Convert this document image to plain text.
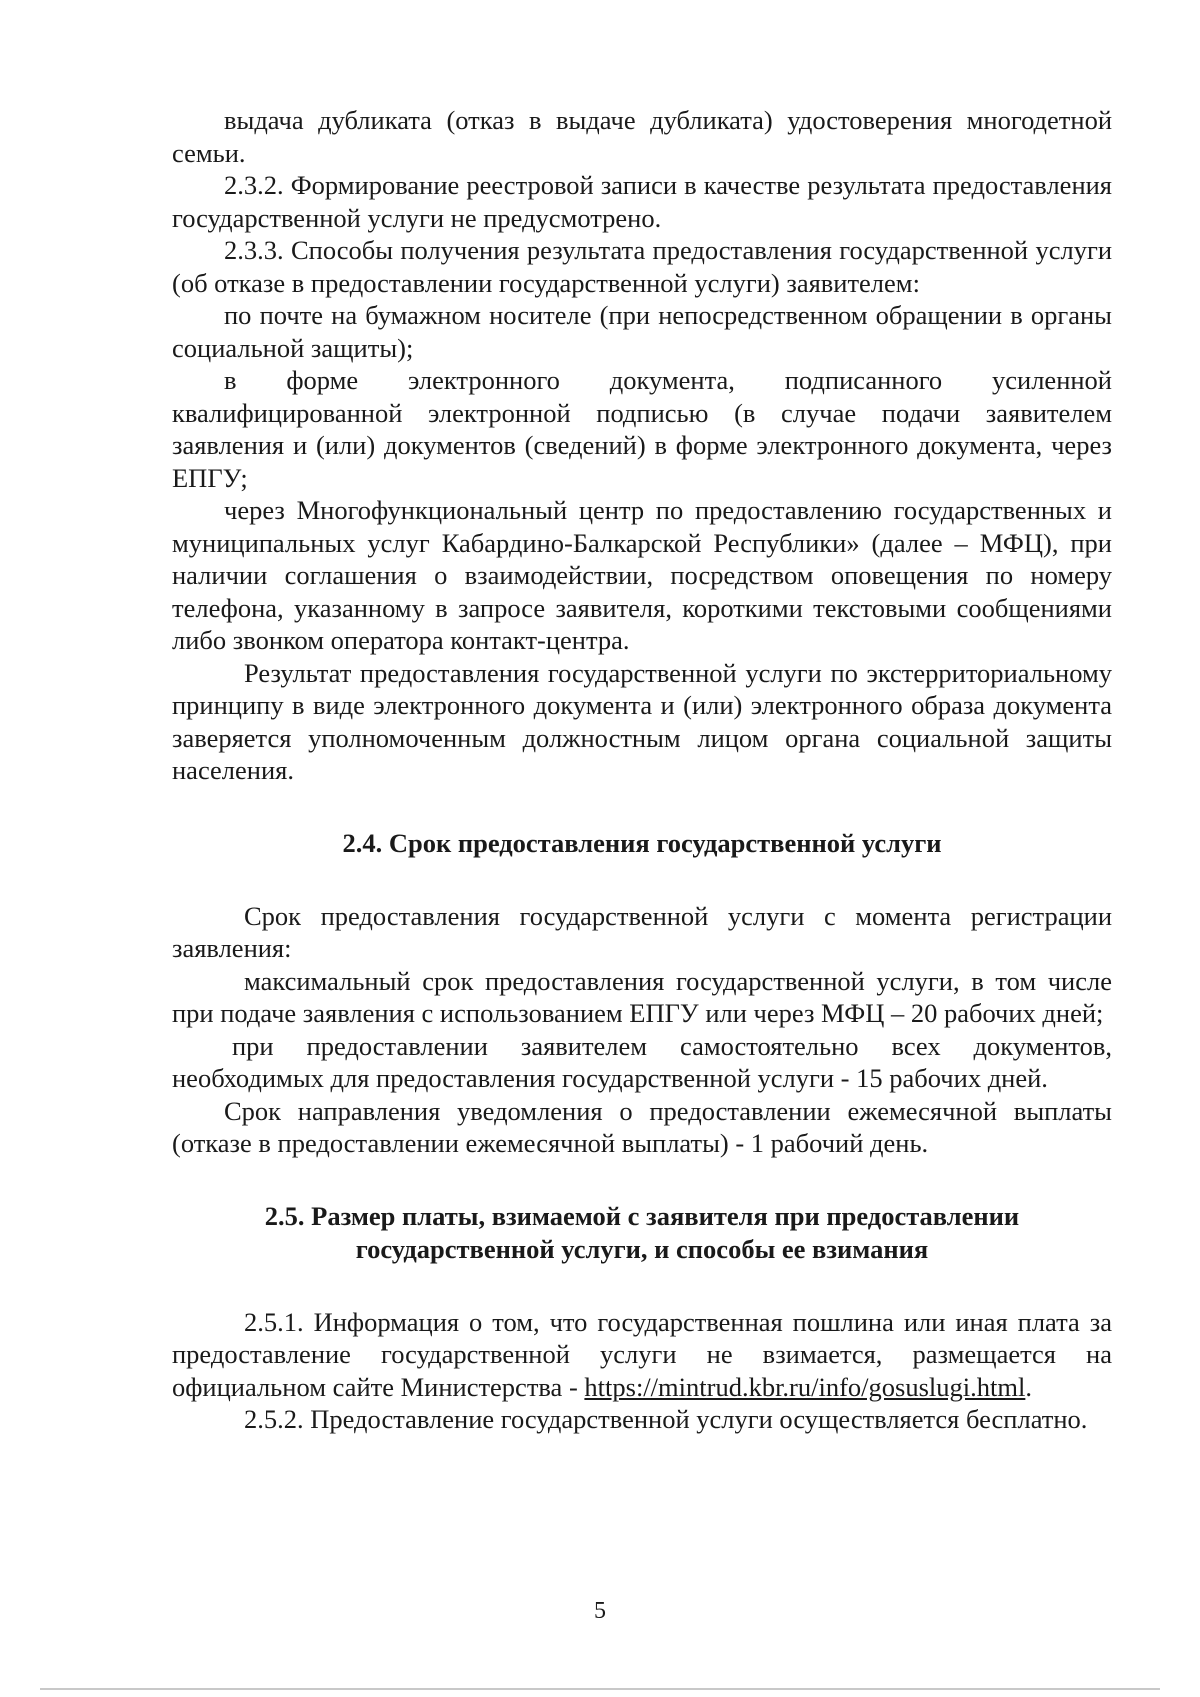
выдача дубликата (отказ в выдаче дубликата) удостоверения многодетной семьи.

2.3.2. Формирование реестровой записи в качестве результата предоставления государственной услуги не предусмотрено.

2.3.3. Способы получения результата предоставления государственной услуги (об отказе в предоставлении государственной услуги) заявителем:

по почте на бумажном носителе (при непосредственном обращении в органы социальной защиты);

в форме электронного документа, подписанного усиленной квалифицированной электронной подписью (в случае подачи заявителем заявления и (или) документов (сведений) в форме электронного документа, через ЕПГУ;

через Многофункциональный центр по предоставлению государственных и муниципальных услуг Кабардино-Балкарской Республики» (далее – МФЦ), при наличии соглашения о взаимодействии, посредством оповещения по номеру телефона, указанному в запросе заявителя, короткими текстовыми сообщениями либо звонком оператора контакт-центра.

Результат предоставления государственной услуги по экстерриториальному принципу в виде электронного документа и (или) электронного образа документа заверяется уполномоченным должностным лицом органа социальной защиты населения.

2.4. Срок предоставления государственной услуги

Срок предоставления государственной услуги с момента регистрации заявления:

максимальный срок предоставления государственной услуги, в том числе при подаче заявления с использованием ЕПГУ или через МФЦ – 20 рабочих дней;

при предоставлении заявителем самостоятельно всех документов, необходимых для предоставления государственной услуги - 15 рабочих дней.

Срок направления уведомления о предоставлении ежемесячной выплаты (отказе в предоставлении ежемесячной выплаты) - 1 рабочий день.

2.5. Размер платы, взимаемой с заявителя при предоставлении

государственной услуги, и способы ее взимания

2.5.1. Информация о том, что государственная пошлина или иная плата за предоставление государственной услуги не взимается, размещается на официальном сайте Министерства - https://mintrud.kbr.ru/info/gosuslugi.html.

2.5.2. Предоставление государственной услуги осуществляется бесплатно.

5
